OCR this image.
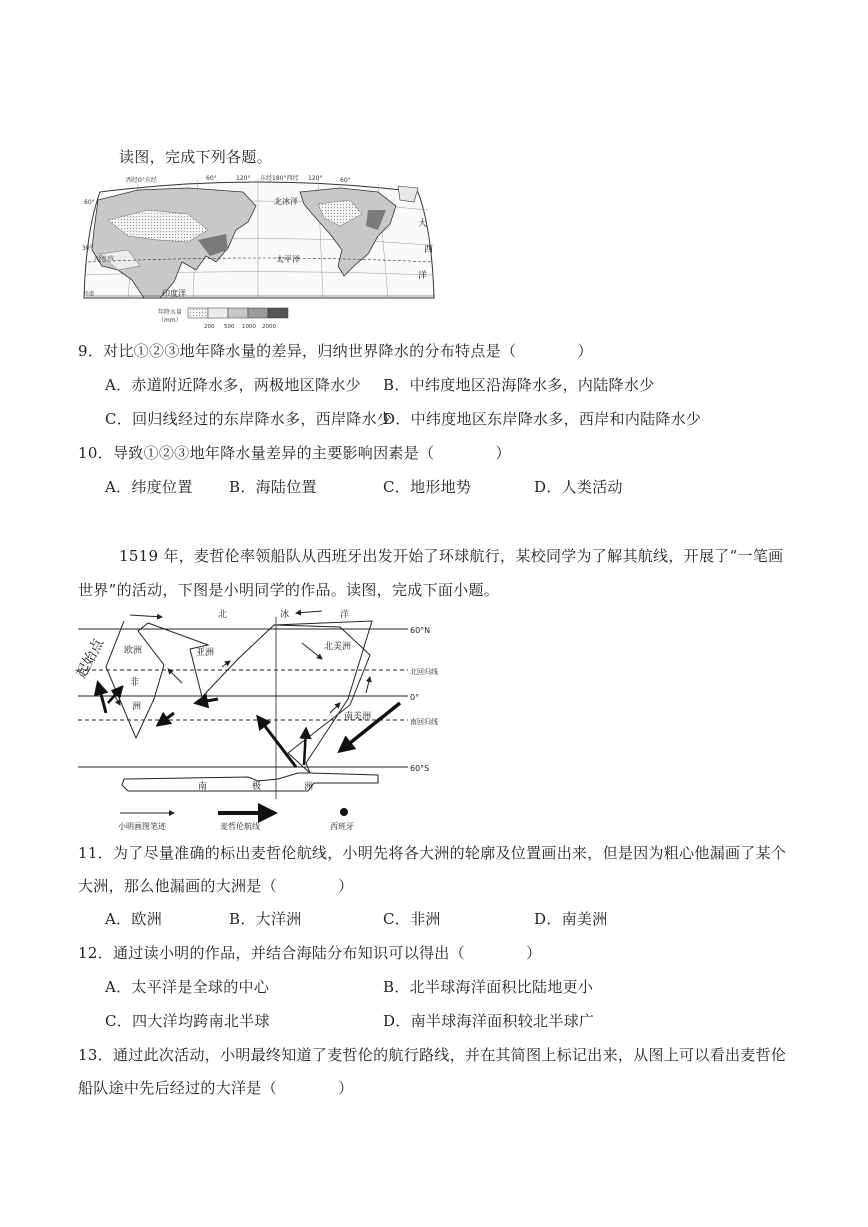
读图，完成下列各题。
西经0°东经	60°	120° 东经180°西经 120°	60°
60°
30°
北冰洋
太平洋
印度洋
大
西
洋
北回归线
赤道
年降水量
（mm）
200 500 1000 2000
9．对比①②③地年降水量的差异，归纳世界降水的分布特点是（　　　　）
A．赤道附近降水多，两极地区降水少 B．中纬度地区沿海降水多，内陆降水少
C．回归线经过的东岸降水多，西岸降水少
D．中纬度地区东岸降水多，西岸和内陆降水少
10．导致①②③地年降水量差异的主要影响因素是（　　　　）
A．纬度位置 B．海陆位置	C．地形地势	D．人类活动
1519 年，麦哲伦率领船队从西班牙出发开始了环球航行，某校同学为了解其航线，开展了“一笔画
世界”的活动，下图是小明同学的作品。读图，完成下面小题。
60°N
北回归线
0°
南回归线
60°S
北	冰	洋
起始点 欧洲	亚洲
非
洲
北美洲
南美洲
南	极	洲
小明画图笔迹	麦哲伦航线	西班牙
11．为了尽量准确的标出麦哲伦航线，小明先将各大洲的轮廓及位置画出来，但是因为粗心他漏画了某个
大洲，那么他漏画的大洲是（　　　　）
A．欧洲	B．大洋洲	C．非洲	D．南美洲
12．通过读小明的作品，并结合海陆分布知识可以得出（　　　　）
A．太平洋是全球的中心	B．北半球海洋面积比陆地更小
C．四大洋均跨南北半球	D．南半球海洋面积较北半球广
13．通过此次活动，小明最终知道了麦哲伦的航行路线，并在其简图上标记出来，从图上可以看出麦哲伦
船队途中先后经过的大洋是（　　　　）
